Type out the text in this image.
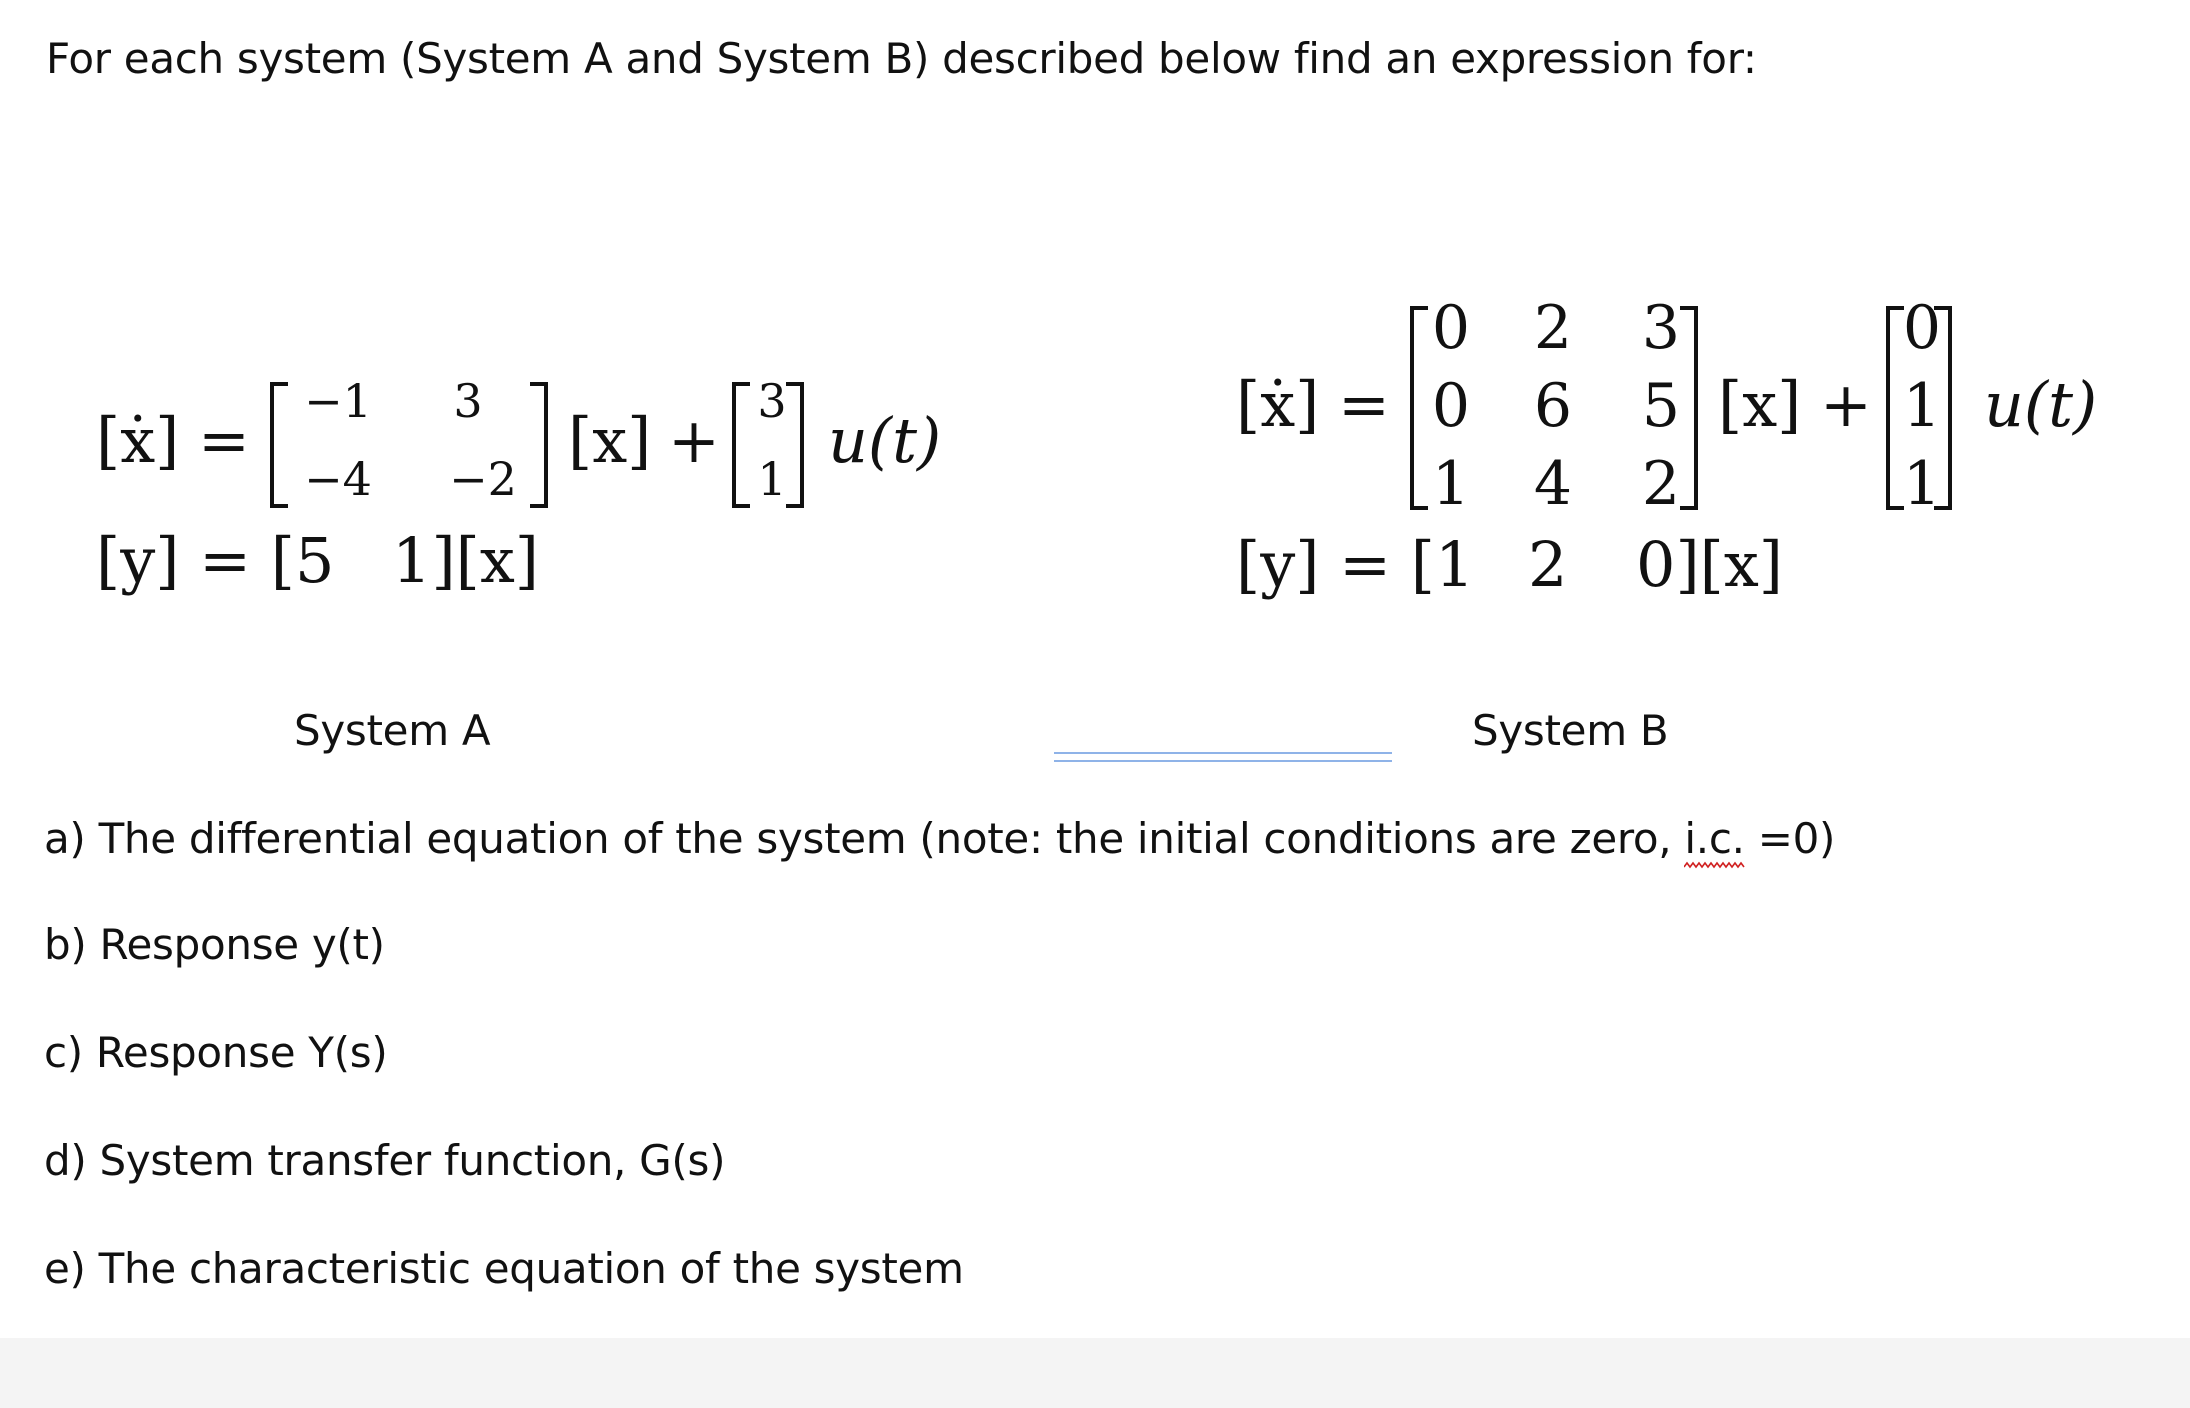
For each system (System A and System B) described below find an expression for:
[ẋ] =
−1	3
−4 −2
[x] +
3
1
u(t)
[y] = [5 1][x]
[ẋ] =
0 2 3
0 6 5
1 4 2
[x] +
0
1
1
u(t)
[y] = [1 2 0][x]
System A	System B
a) The differential equation of the system (note: the initial conditions are zero, i.c.
=0)
b) Response y(t)
c) Response Y(s)
d) System transfer function, G(s)
e) The characteristic equation of the system
